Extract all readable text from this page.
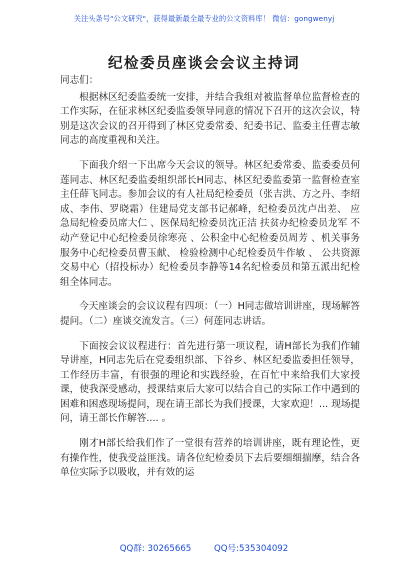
关注头条号"公文研究"，获得最新最全最专业的公文资料库！ 微信：gongwenyj
纪检委员座谈会会议主持词

同志们：

根据林区纪委监委统一安排，并结合我组对被监督单位监督检查的工作实际，在征求林区纪委监委领导同意的情况下召开的这次会议，特别是这次会议的召开得到了林区党委常委、纪委书记、监委主任曹志敏同志的高度重视和关注。

下面我介绍一下出席今天会议的领导。林区纪委常委、监委委员何莲同志、林区纪委监委组织部长H同志、林区纪委监委第一监督检查室主任薛飞同志。参加会议的有人社局纪检委员（张吉洪、方之丹、李绍成、李伟、罗晓霜）住建局党支部书记郝峰，纪检委员沈卢出差、 应急局纪检委员席大仁 、医保局纪检委员沈正洁 扶贫办纪检委员龙军 不动产登记中心纪检委员徐寒亮 、公积金中心纪检委员周芳 、机关事务服务中心纪检委员曹玉献、 检验检测中心纪检委员牛作敏 、 公共资源交易中心（招投标办）纪检委员李静等14名纪检委员和第五派出纪检组全体同志。

今天座谈会的会议议程有四项：（一）H同志做培训讲座，现场解答提问。（二）座谈交流发言。（三）何莲同志讲话。

下面按会议议程进行：首先进行第一项议程，请H部长为我们作辅导讲座，H同志先后在党委组织部、下谷乡、林区纪委监委担任领导，工作经历丰富，有很强的理论和实践经验，在百忙中来给我们大家授课，使我深受感动，授课结束后大家可以结合自己的实际工作中遇到的困难和困惑现场提问，现在请王部长为我们授课，大家欢迎！... 现场提问，请王部长作解答.... 。

刚才H部长给我们作了一堂很有营养的培训讲座，既有理论性，更有操作性，使我受益匪浅。请各位纪检委员下去后要细细揣摩，结合各单位实际予以吸收，并有效的运

QQ群: 30265665	QQ号:535304092
